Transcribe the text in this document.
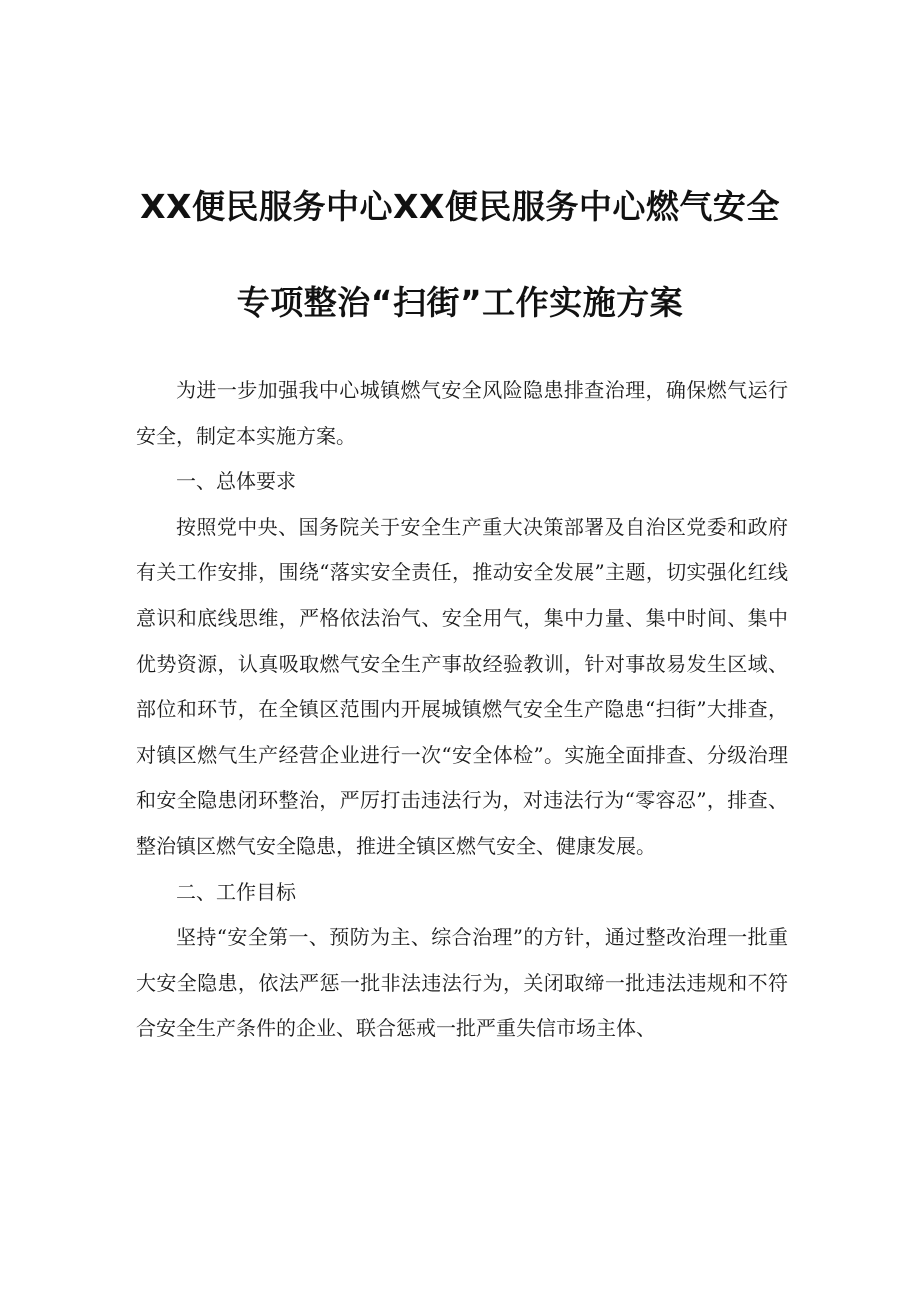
XX便民服务中心XX便民服务中心燃气安全
专项整治“扫街”工作实施方案

为进一步加强我中心城镇燃气安全风险隐患排查治理，确保燃气运行安全，制定本实施方案。

一、总体要求

按照党中央、国务院关于安全生产重大决策部署及自治区党委和政府有关工作安排，围绕“落实安全责任，推动安全发展”主题，切实强化红线意识和底线思维，严格依法治气、安全用气，集中力量、集中时间、集中优势资源，认真吸取燃气安全生产事故经验教训，针对事故易发生区域、部位和环节，在全镇区范围内开展城镇燃气安全生产隐患“扫街”大排查，对镇区燃气生产经营企业进行一次“安全体检”。实施全面排查、分级治理和安全隐患闭环整治，严厉打击违法行为，对违法行为“零容忍”，排查、整治镇区燃气安全隐患，推进全镇区燃气安全、健康发展。

二、工作目标

坚持“安全第一、预防为主、综合治理”的方针，通过整改治理一批重大安全隐患，依法严惩一批非法违法行为，关闭取缔一批违法违规和不符合安全生产条件的企业、联合惩戒一批严重失信市场主体、
